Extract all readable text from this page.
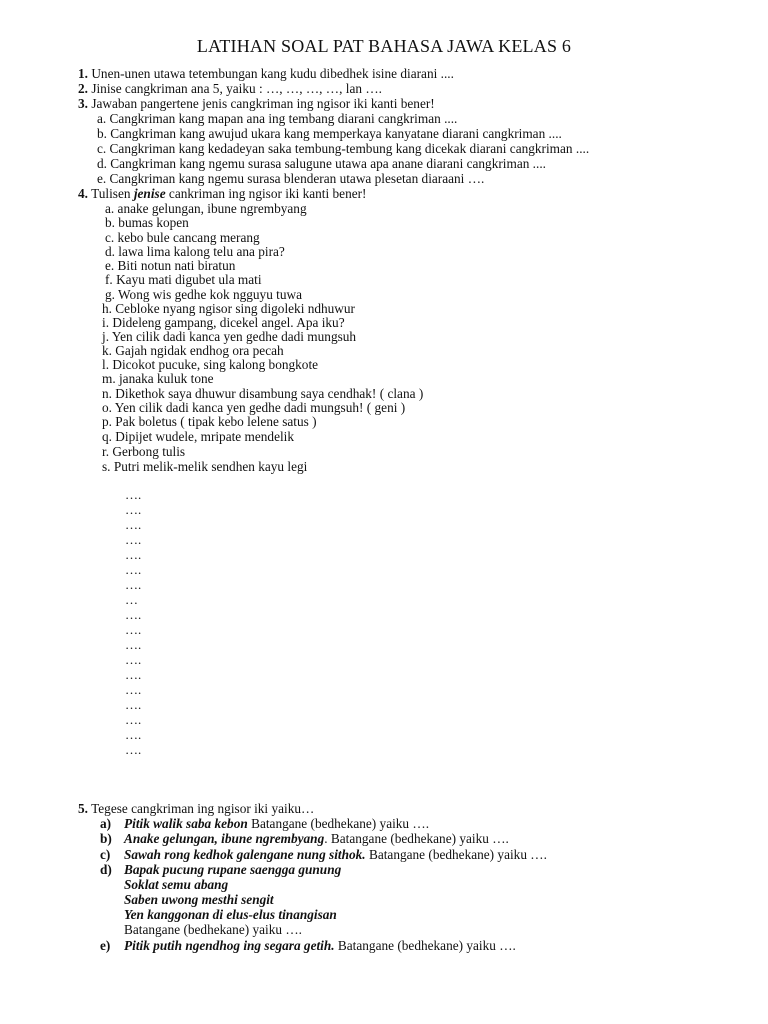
LATIHAN SOAL PAT BAHASA JAWA KELAS 6
1. Unen-unen utawa tetembungan kang kudu dibedhek isine diarani ....
2. Jinise cangkriman ana 5, yaiku : …, …, …, …, lan ….
3. Jawaban pangertene jenis cangkriman ing ngisor iki kanti bener!
a. Cangkriman kang mapan ana ing tembang diarani cangkriman ....
b. Cangkriman kang awujud ukara kang memperkaya kanyatane diarani cangkriman ....
c. Cangkriman kang kedadeyan saka tembung-tembung kang dicekak diarani cangkriman ....
d. Cangkriman kang ngemu surasa salugune utawa apa anane diarani cangkriman ....
e. Cangkriman kang ngemu surasa blenderan utawa plesetan diaraani ….
4. Tulisen jenise cankriman ing ngisor iki kanti bener!
a. anake gelungan, ibune ngrembyang
b. bumas kopen
c. kebo bule cancang merang
d. lawa lima kalong telu ana pira?
e. Biti notun nati biratun
f. Kayu mati digubet ula mati
g. Wong wis gedhe kok ngguyu tuwa
h. Cebloke nyang ngisor sing digoleki ndhuwur
i. Dideleng gampang, dicekel angel. Apa iku?
j. Yen cilik dadi kanca yen gedhe dadi mungsuh
k. Gajah ngidak endhog ora pecah
l. Dicokot pucuke, sing kalong bongkote
m. janaka kuluk tone
n. Dikethok saya dhuwur disambung saya cendhak! ( clana )
o. Yen cilik dadi kanca yen gedhe dadi mungsuh! ( geni )
p. Pak boletus ( tipak kebo lelene satus )
q. Dipijet wudele, mripate mendelik
r. Gerbong tulis
s. Putri melik-melik sendhen kayu legi
….
….
….
….
….
….
….
…
….
….
….
….
….
….
….
….
….
….
5. Tegese cangkriman ing ngisor iki yaiku…
a) Pitik walik saba kebon Batangane (bedhekane) yaiku ….
b) Anake gelungan, ibune ngrembyang. Batangane (bedhekane) yaiku ….
c) Sawah rong kedhok galengane nung sithok. Batangane (bedhekane) yaiku ….
d) Bapak pucung rupane saengga gunung
Soklat semu abang
Saben uwong mesthi sengit
Yen kanggonan di elus-elus tinangisan
Batangane (bedhekane) yaiku ….
e) Pitik putih ngendhog ing segara getih. Batangane (bedhekane) yaiku ….
